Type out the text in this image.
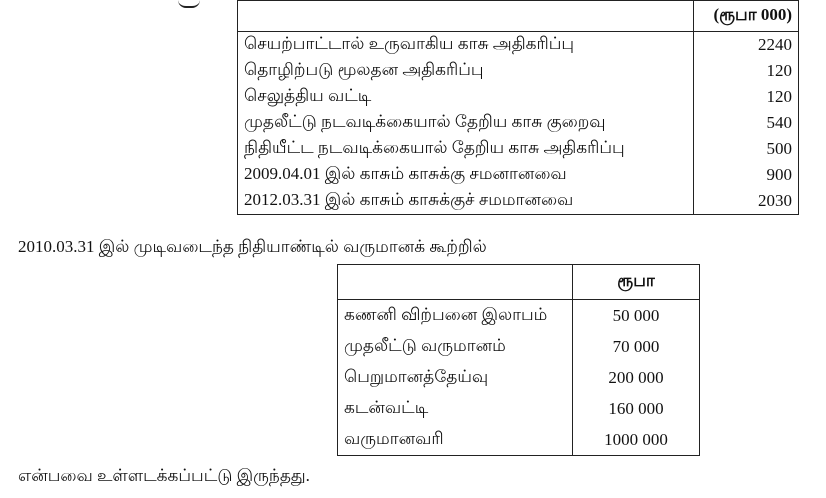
	(ரூபா 000)
செயற்பாட்டால் உருவாகிய காசு அதிகரிப்பு	2240
தொழிற்படு மூலதன அதிகரிப்பு	120
செலுத்திய வட்டி	120
முதலீட்டு நடவடிக்கையால் தேறிய காசு குறைவு	540
நிதியீட்ட நடவடிக்கையால் தேறிய காசு அதிகரிப்பு	500
2009.04.01 இல் காசும் காசுக்கு சமனானவை	900
2012.03.31 இல் காசும் காசுக்குச் சமமானவை	2030
2010.03.31 இல் முடிவடைந்த நிதியாண்டில் வருமானக் கூற்றில்
	ரூபா
கணனி விற்பனை இலாபம்	50 000
முதலீட்டு வருமானம்	70 000
பெறுமானத்தேய்வு	200 000
கடன்வட்டி	160 000
வருமானவரி	1000 000
என்பவை உள்ளடக்கப்பட்டு இருந்தது.
